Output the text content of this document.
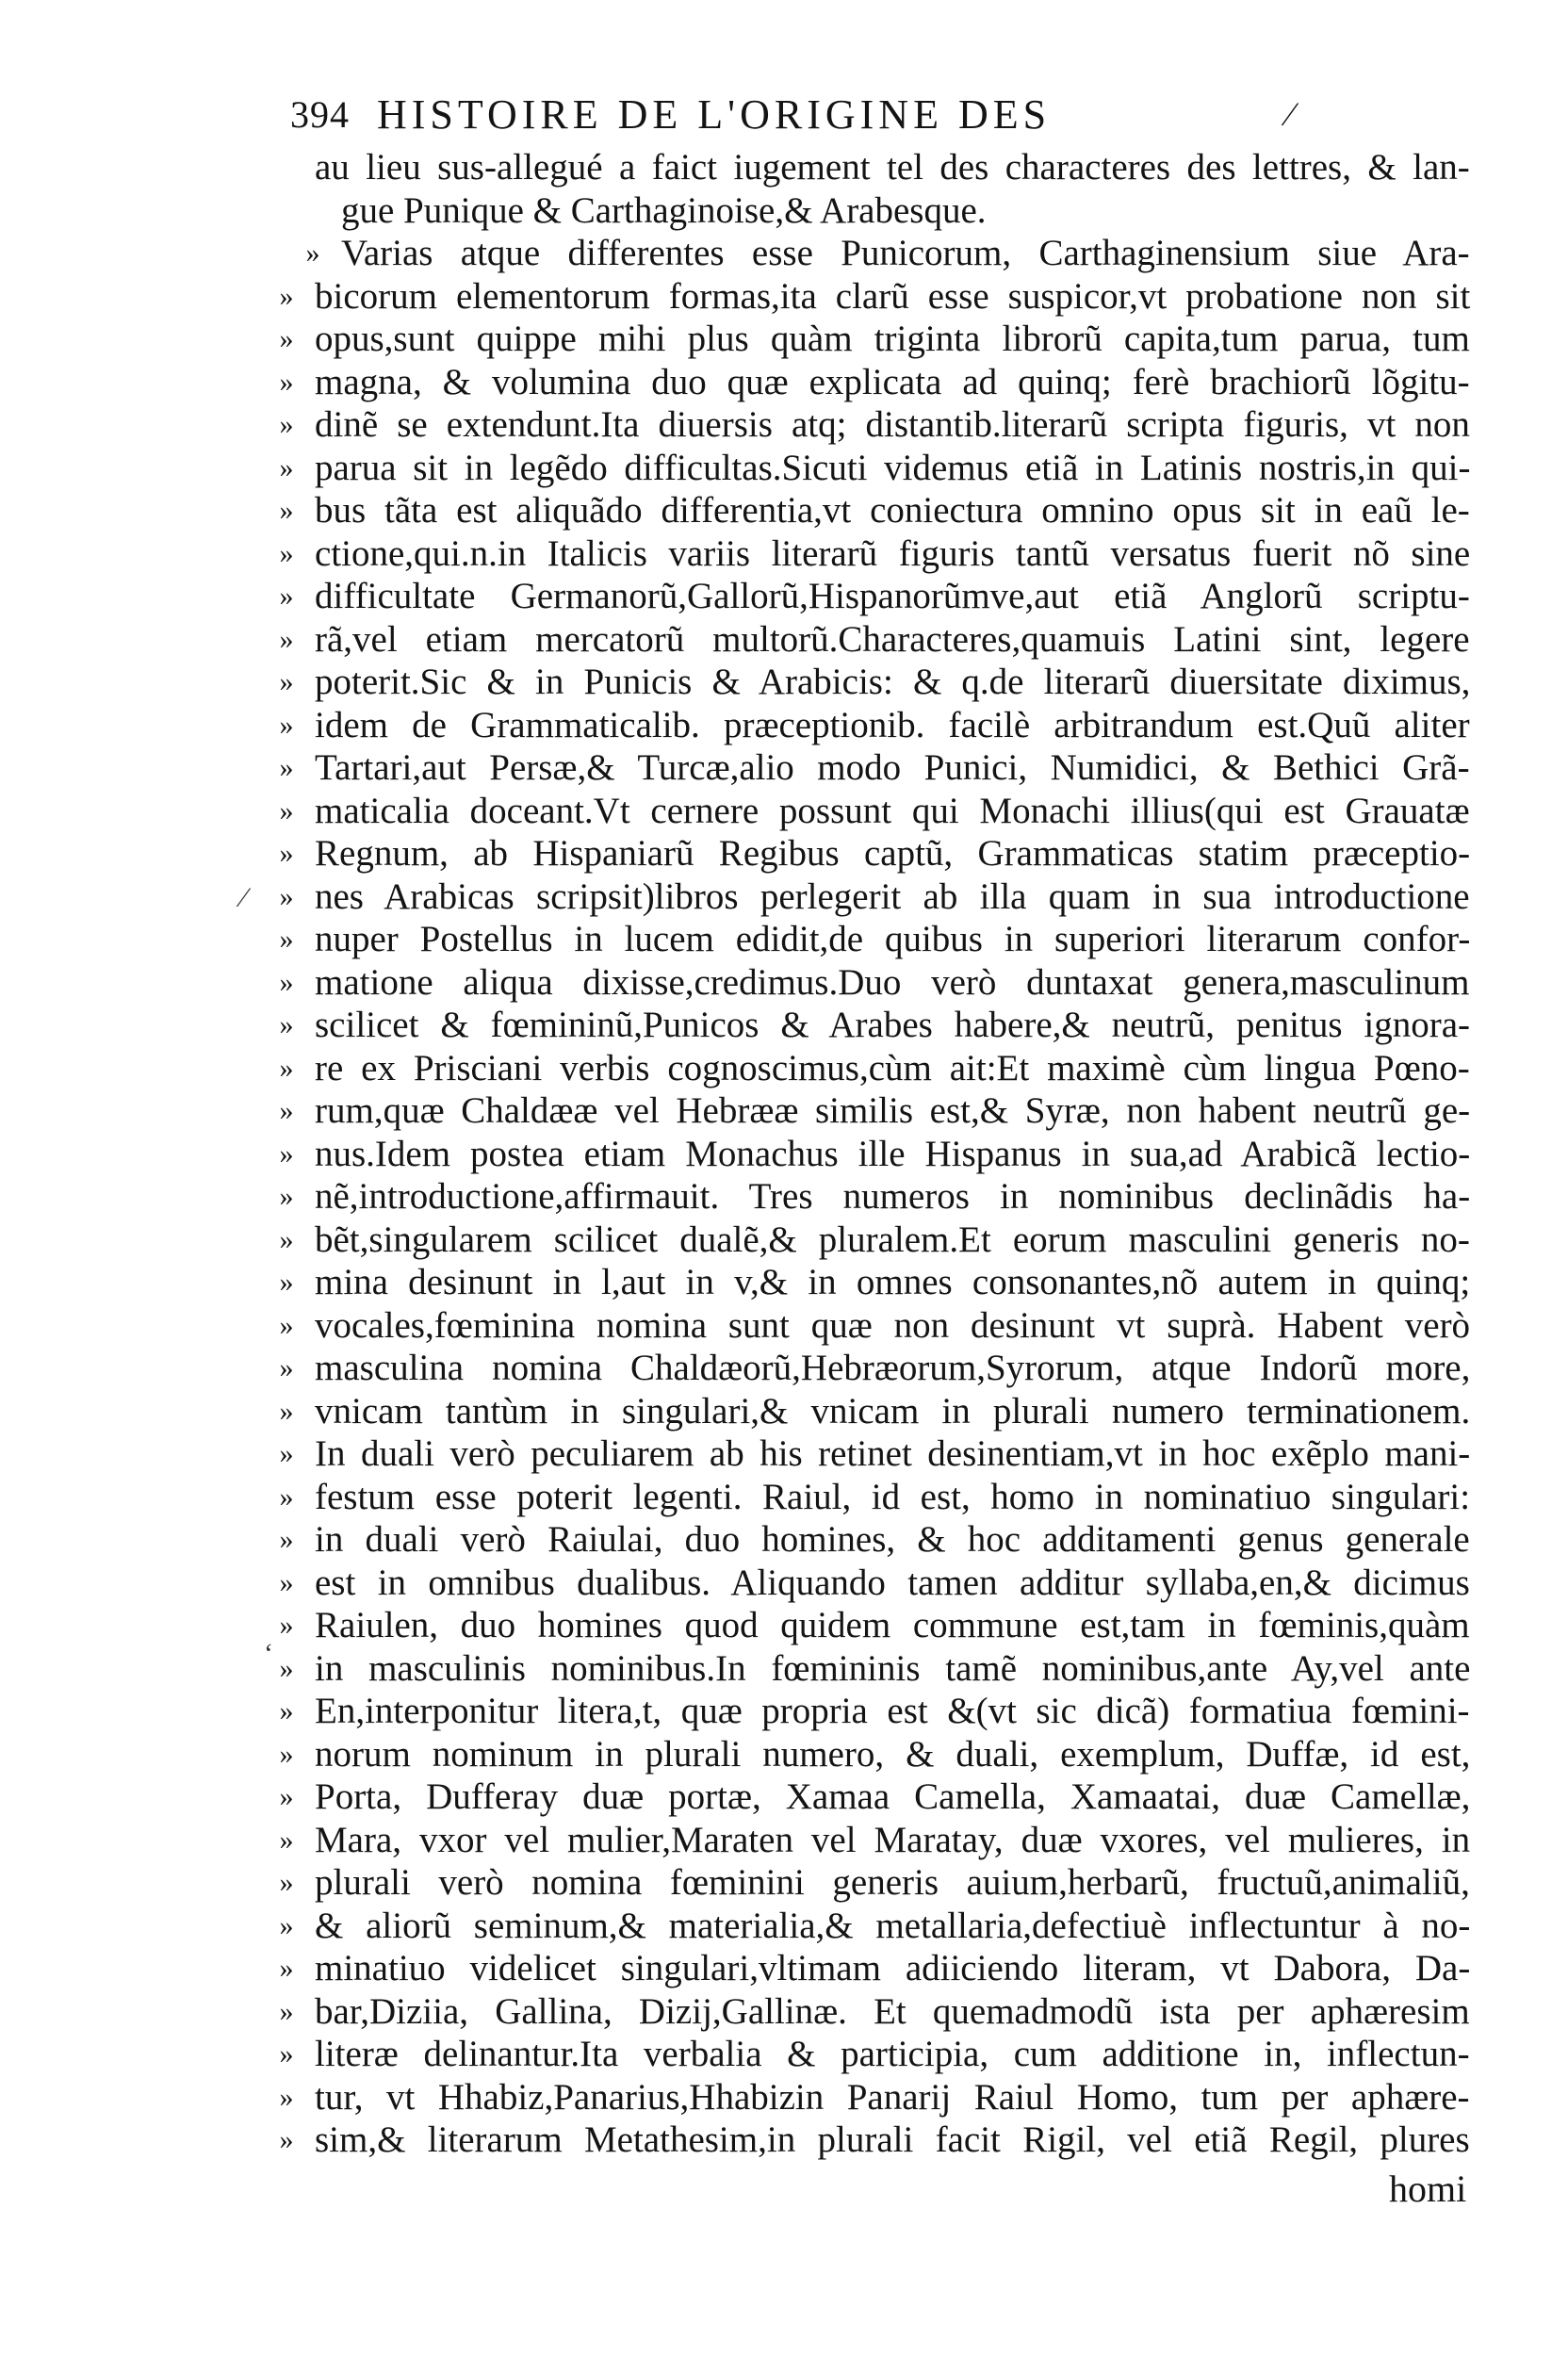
394 HISTOIRE DE L'ORIGINE DES	⁄
au lieu sus-allegué a faict iugement tel des characteres des lettres, & lan-
gue Punique & Carthaginoise,& Arabesque.
» Varias atque differentes esse Punicorum, Carthaginensium siue Ara-
» bicorum elementorum formas,ita clarũ esse suspicor,vt probatione non sit
» opus,sunt quippe mihi plus quàm triginta librorũ capita,tum parua, tum
» magna, & volumina duo quæ explicata ad quinq; ferè brachiorũ lõgitu-
» dinẽ se extendunt.Ita diuersis atq; distantib.literarũ scripta figuris, vt non
» parua sit in legẽdo difficultas.Sicuti videmus etiã in Latinis nostris,in qui-
» bus tãta est aliquãdo differentia,vt coniectura omnino opus sit in eaũ le-
» ctione,qui.n.in Italicis variis literarũ figuris tantũ versatus fuerit nõ sine
» difficultate Germanorũ,Gallorũ,Hispanorũmve,aut etiã Anglorũ scriptu-
» rã,vel etiam mercatorũ multorũ.Characteres,quamuis Latini sint, legere
» poterit.Sic & in Punicis & Arabicis: & q.de literarũ diuersitate diximus,
» idem de Grammaticalib. præceptionib. facilè arbitrandum est.Quũ aliter
» Tartari,aut Persæ,& Turcæ,alio modo Punici, Numidici, & Bethici Grã-
» maticalia doceant.Vt cernere possunt qui Monachi illius(qui est Grauatæ
» Regnum, ab Hispaniarũ Regibus captũ, Grammaticas statim præceptio-
» nes Arabicas scripsit)libros perlegerit ab illa quam in sua introductione
» nuper Postellus in lucem edidit,de quibus in superiori literarum confor-
» matione aliqua dixisse,credimus.Duo verò duntaxat genera,masculinum
» scilicet & fœmininũ,Punicos & Arabes habere,& neutrũ, penitus ignora-
» re ex Prisciani verbis cognoscimus,cùm ait:Et maximè cùm lingua Pœno-
» rum,quæ Chaldææ vel Hebrææ similis est,& Syræ, non habent neutrũ ge-
» nus.Idem postea etiam Monachus ille Hispanus in sua,ad Arabicã lectio-
» nẽ,introductione,affirmauit. Tres numeros in nominibus declinãdis ha-
» bẽt,singularem scilicet dualẽ,& pluralem.Et eorum masculini generis no-
» mina desinunt in l,aut in v,& in omnes consonantes,nõ autem in quinq;
» vocales,fœminina nomina sunt quæ non desinunt vt suprà. Habent verò
» masculina nomina Chaldæorũ,Hebræorum,Syrorum, atque Indorũ more,
» vnicam tantùm in singulari,& vnicam in plurali numero terminationem.
» In duali verò peculiarem ab his retinet desinentiam,vt in hoc exẽplo mani-
» festum esse poterit legenti. Raiul, id est, homo in nominatiuo singulari:
» in duali verò Raiulai, duo homines, & hoc additamenti genus generale
» est in omnibus dualibus. Aliquando tamen additur syllaba,en,& dicimus
» Raiulen, duo homines quod quidem commune est,tam in fœminis,quàm
» in masculinis nominibus.In fœmininis tamẽ nominibus,ante Ay,vel ante
» En,interponitur litera,t, quæ propria est &(vt sic dicã) formatiua fœmini-
» norum nominum in plurali numero, & duali, exemplum, Duffæ, id est,
» Porta, Dufferay duæ portæ, Xamaa Camella, Xamaatai, duæ Camellæ,
» Mara, vxor vel mulier,Maraten vel Maratay, duæ vxores, vel mulieres, in
» plurali verò nomina fœminini generis auium,herbarũ, fructuũ,animaliũ,
» & aliorũ seminum,& materialia,& metallaria,defectiuè inflectuntur à no-
» minatiuo videlicet singulari,vltimam adiiciendo literam, vt Dabora, Da-
» bar,Diziia, Gallina, Dizij,Gallinæ. Et quemadmodũ ista per aphæresim
» literæ delinantur.Ita verbalia & participia, cum additione in, inflectun-
» tur, vt Hhabiz,Panarius,Hhabizin Panarij Raiul Homo, tum per aphære-
» sim,& literarum Metathesim,in plurali facit Rigil, vel etiã Regil, plures
⁄
‘
homi
